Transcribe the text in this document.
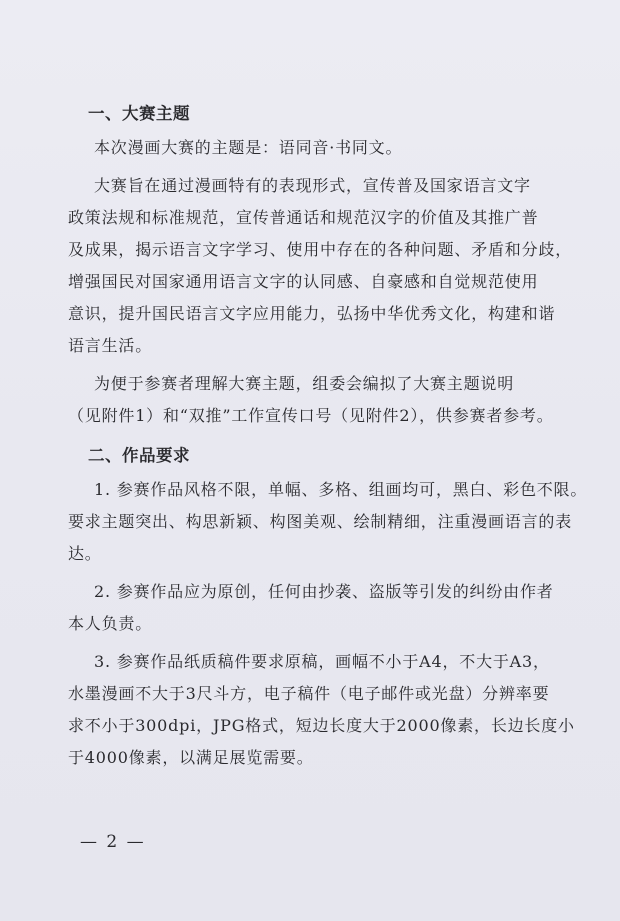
一、大赛主题

本次漫画大赛的主题是：语同音·书同文。

大赛旨在通过漫画特有的表现形式，宣传普及国家语言文字
政策法规和标准规范，宣传普通话和规范汉字的价值及其推广普
及成果，揭示语言文字学习、使用中存在的各种问题、矛盾和分歧，
增强国民对国家通用语言文字的认同感、自豪感和自觉规范使用
意识，提升国民语言文字应用能力，弘扬中华优秀文化，构建和谐
语言生活。

为便于参赛者理解大赛主题，组委会编拟了大赛主题说明
（见附件1）和“双推”工作宣传口号（见附件2），供参赛者参考。

二、作品要求

1. 参赛作品风格不限，单幅、多格、组画均可，黑白、彩色不限。
要求主题突出、构思新颖、构图美观、绘制精细，注重漫画语言的表
达。

2. 参赛作品应为原创，任何由抄袭、盗版等引发的纠纷由作者
本人负责。

3. 参赛作品纸质稿件要求原稿，画幅不小于A4，不大于A3，
水墨漫画不大于3尺斗方，电子稿件（电子邮件或光盘）分辨率要
求不小于300dpi，JPG格式，短边长度大于2000像素，长边长度小
于4000像素，以满足展览需要。

— 2 —
